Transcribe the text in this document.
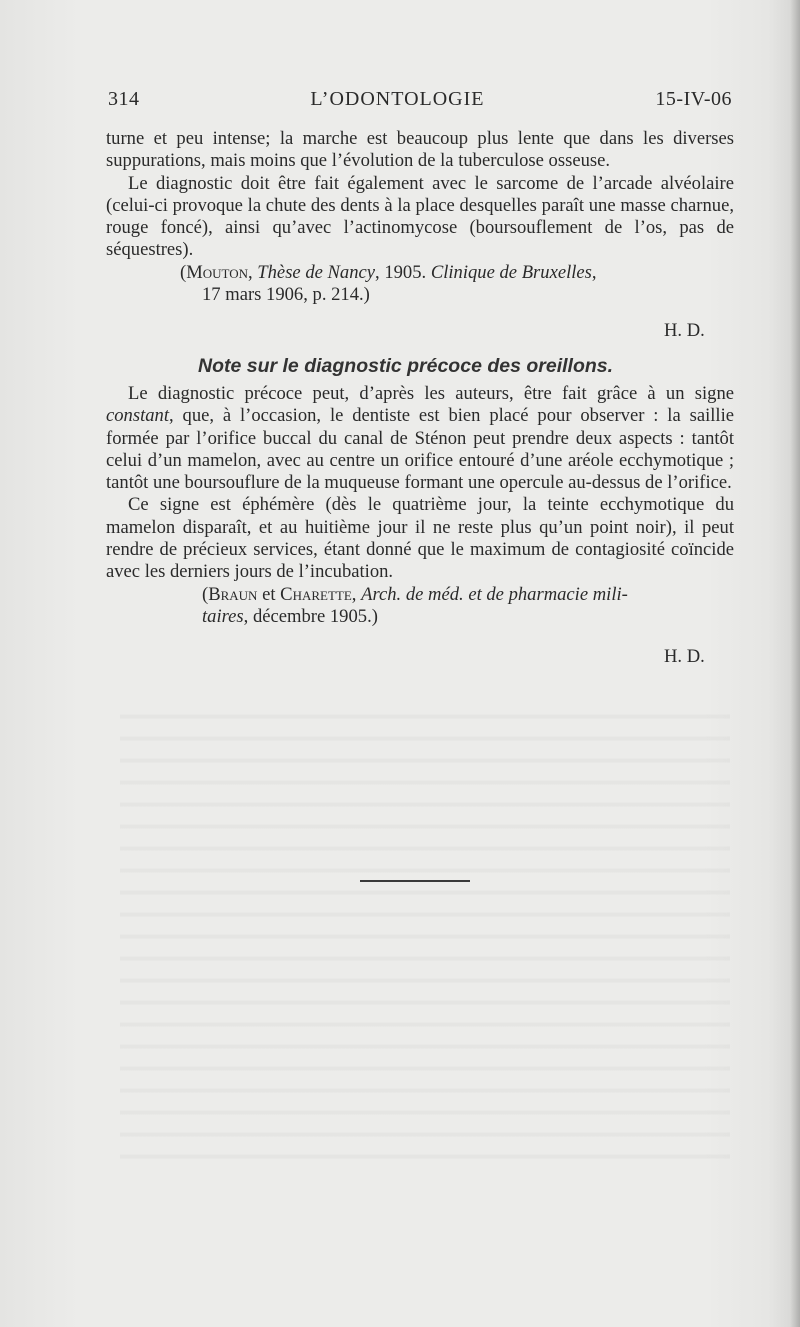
314	L’ODONTOLOGIE	15-IV-06

turne et peu intense; la marche est beaucoup plus lente que dans les diverses suppurations, mais moins que l’évolution de la tuberculose osseuse.

Le diagnostic doit être fait également avec le sarcome de l’arcade alvéolaire (celui-ci provoque la chute des dents à la place desquelles paraît une masse charnue, rouge foncé), ainsi qu’avec l’actinomycose (boursouflement de l’os, pas de séquestres).

(Mouton, Thèse de Nancy, 1905. Clinique de Bruxelles,

17 mars 1906, p. 214.)

H. D.
Note sur le diagnostic précoce des oreillons.

Le diagnostic précoce peut, d’après les auteurs, être fait grâce à un signe constant, que, à l’occasion, le dentiste est bien placé pour observer : la saillie formée par l’orifice buccal du canal de Sténon peut prendre deux aspects : tantôt celui d’un mamelon, avec au centre un orifice entouré d’une aréole ecchymotique ; tantôt une boursouflure de la muqueuse formant une opercule au-dessus de l’orifice.

Ce signe est éphémère (dès le quatrième jour, la teinte ecchymotique du mamelon disparaît, et au huitième jour il ne reste plus qu’un point noir), il peut rendre de précieux services, étant donné que le maximum de contagiosité coïncide avec les derniers jours de l’incubation.

(Braun et Charette, Arch. de méd. et de pharmacie mili-

taires, décembre 1905.)

H. D.
